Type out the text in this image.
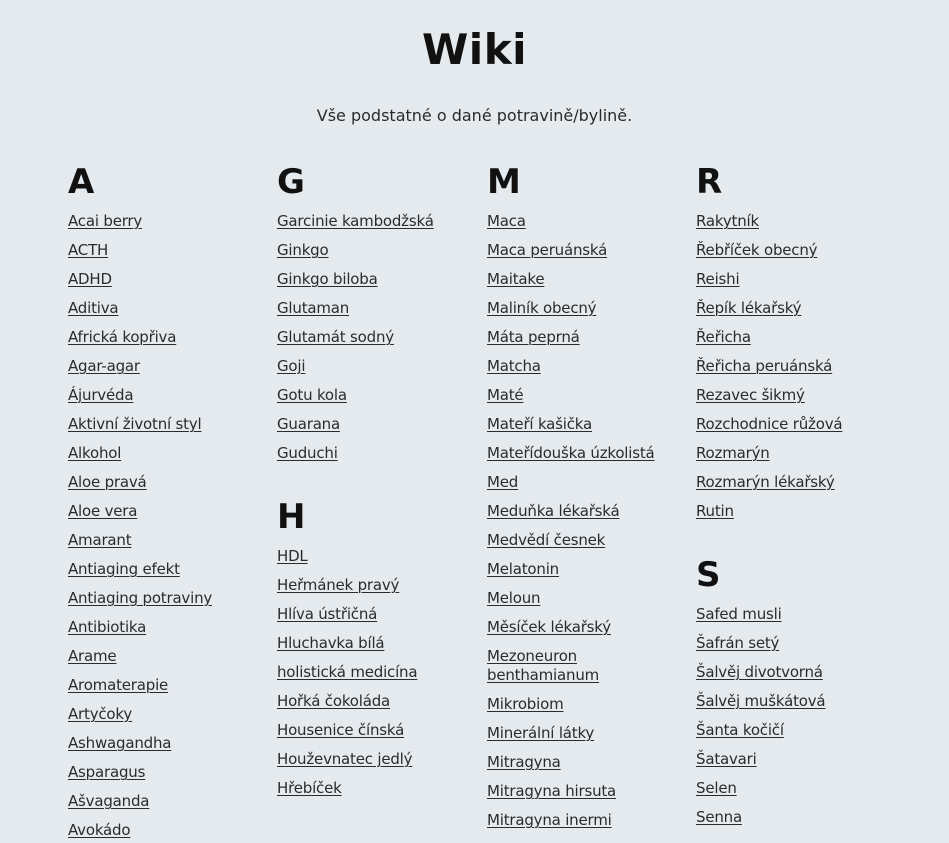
Wiki

Vše podstatné o dané potravině/bylině.

A
Acai berry
ACTH
ADHD
Aditiva
Africká kopřiva
Agar-agar
Ájurvéda
Aktivní životní styl
Alkohol
Aloe pravá
Aloe vera
Amarant
Antiaging efekt
Antiaging potraviny
Antibiotika
Arame
Aromaterapie
Artyčoky
Ashwagandha
Asparagus
Ašvaganda
Avokádo
G
Garcinie kambodžská
Ginkgo
Ginkgo biloba
Glutaman
Glutamát sodný
Goji
Gotu kola
Guarana
Guduchi
H
HDL
Heřmánek pravý
Hlíva ústřičná
Hluchavka bílá
holistická medicína
Hořká čokoláda
Housenice čínská
Houževnatec jedlý
Hřebíček
M
Maca
Maca peruánská
Maitake
Maliník obecný
Máta peprná
Matcha
Maté
Mateří kašička
Mateřídouška úzkolistá
Med
Meduňka lékařská
Medvědí česnek
Melatonin
Meloun
Měsíček lékařský
Mezoneuron benthamianum
Mikrobiom
Minerální látky
Mitragyna
Mitragyna hirsuta
Mitragyna inermi
R
Rakytník
Řebříček obecný
Reishi
Řepík lékařský
Řeřicha
Řeřicha peruánská
Rezavec šikmý
Rozchodnice růžová
Rozmarýn
Rozmarýn lékařský
Rutin
S
Safed musli
Šafrán setý
Šalvěj divotvorná
Šalvěj muškátová
Šanta kočičí
Šatavari
Selen
Senna
